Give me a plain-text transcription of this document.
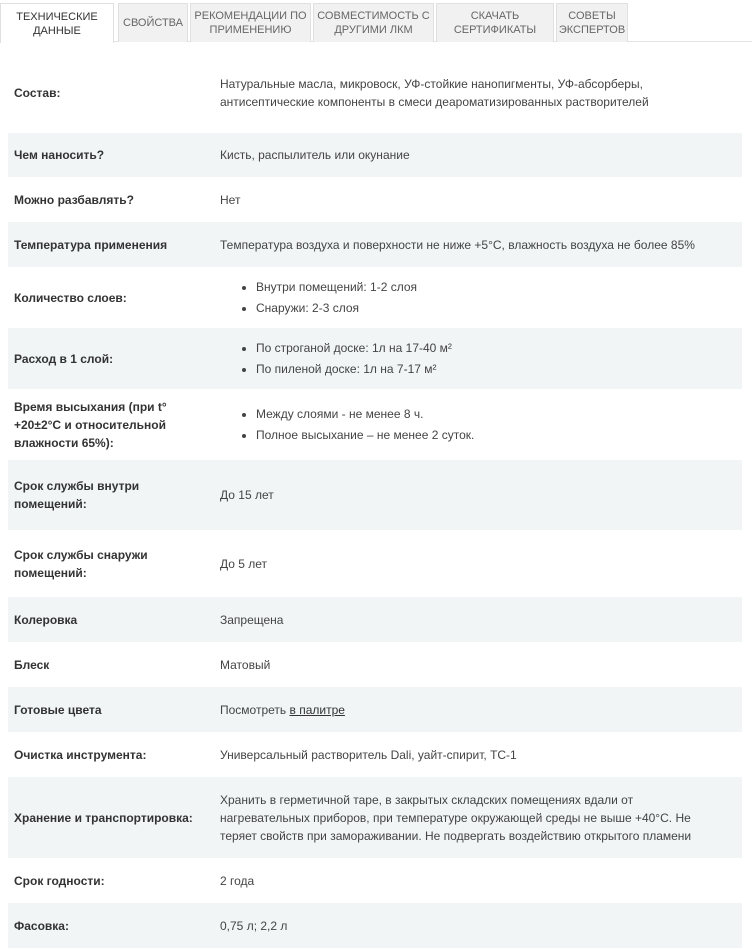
ТЕХНИЧЕСКИЕ
ДАННЫЕ
СВОЙСТВА
РЕКОМЕНДАЦИИ ПО
ПРИМЕНЕНИЮ
СОВМЕСТИМОСТЬ С
ДРУГИМИ ЛКМ
СКАЧАТЬ
СЕРТИФИКАТЫ
СОВЕТЫ
ЭКСПЕРТОВ
Состав:
Натуральные масла, микровоск, УФ-стойкие нанопигменты, УФ-абсорберы,
антисептические компоненты в смеси деароматизированных растворителей
Чем наносить?	Кисть, распылитель или окунание
Можно разбавлять?	Нет
Температура применения	Температура воздуха и поверхности не ниже +5°С, влажность воздуха не более 85%
Количество слоев:
• Внутри помещений: 1-2 слоя
• Снаружи: 2-3 слоя
Расход в 1 слой:
• По строганой доске: 1л на 17-40 м²
• По пиленой доске: 1л на 7-17 м²
Время высыхания (при t°
+20±2°С и относительной
влажности 65%):
• Между слоями - не менее 8 ч.
• Полное высыхание – не менее 2 суток.
Срок службы внутри
помещений:
До 15 лет
Срок службы снаружи
помещений:
До 5 лет
Колеровка	Запрещена
Блеск	Матовый
Готовые цвета	Посмотреть в палитре
Очистка инструмента:	Универсальный растворитель Dali, уайт-спирит, ТС-1
Хранение и транспортировка:
Хранить в герметичной таре, в закрытых складских помещениях вдали от
нагревательных приборов, при температуре окружающей среды не выше +40°С. Не
теряет свойств при замораживании. Не подвергать воздействию открытого пламени
Срок годности:	2 года
Фасовка:	0,75 л; 2,2 л
